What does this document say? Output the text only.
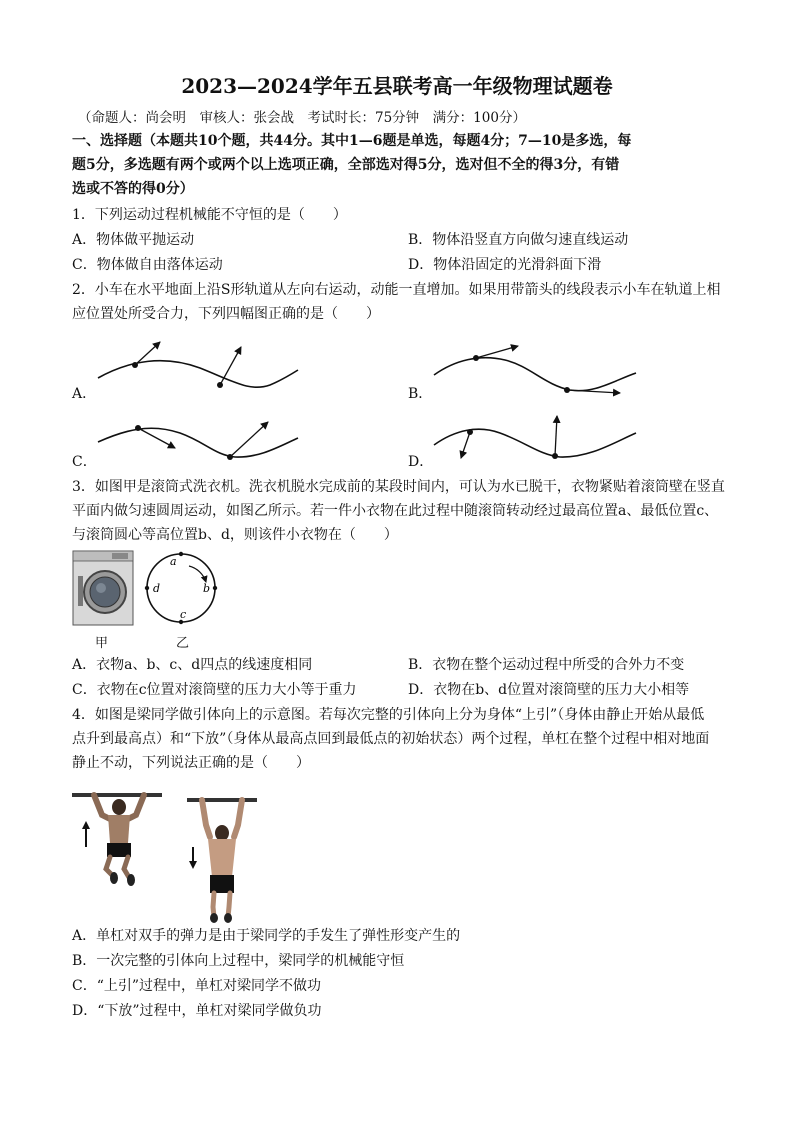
2023—2024学年五县联考高一年级物理试题卷
（命题人：尚会明　审核人：张会战　考试时长：75分钟　满分：100分）
一、选择题（本题共10个题，共44分。其中1—6题是单选，每题4分；7—10是多选，每
题5分，多选题有两个或两个以上选项正确，全部选对得5分，选对但不全的得3分，有错
选或不答的得0分）
1．下列运动过程机械能不守恒的是（　　）
A．物体做平抛运动	B．物体沿竖直方向做匀速直线运动
C．物体做自由落体运动	D．物体沿固定的光滑斜面下滑
2．小车在水平地面上沿S形轨道从左向右运动，动能一直增加。如果用带箭头的线段表示小车在轨道上相
应位置处所受合力，下列四幅图正确的是（　　）
A．	B．
C．	D．
3．如图甲是滚筒式洗衣机。洗衣机脱水完成前的某段时间内，可认为水已脱干，衣物紧贴着滚筒壁在竖直
平面内做匀速圆周运动，如图乙所示。若一件小衣物在此过程中随滚筒转动经过最高位置a、最低位置c、
与滚筒圆心等高位置b、d，则该件小衣物在（　　）
甲
a
b
c
d
乙
A．衣物a、b、c、d四点的线速度相同	B．衣物在整个运动过程中所受的合外力不变
C．衣物在c位置对滚筒壁的压力大小等于重力	D．衣物在b、d位置对滚筒壁的压力大小相等
4．如图是梁同学做引体向上的示意图。若每次完整的引体向上分为身体“上引”（身体由静止开始从最低
点升到最高点）和“下放”（身体从最高点回到最低点的初始状态）两个过程，单杠在整个过程中相对地面
静止不动，下列说法正确的是（　　）
A．单杠对双手的弹力是由于梁同学的手发生了弹性形变产生的
B．一次完整的引体向上过程中，梁同学的机械能守恒
C．“上引”过程中，单杠对梁同学不做功
D．“下放”过程中，单杠对梁同学做负功
